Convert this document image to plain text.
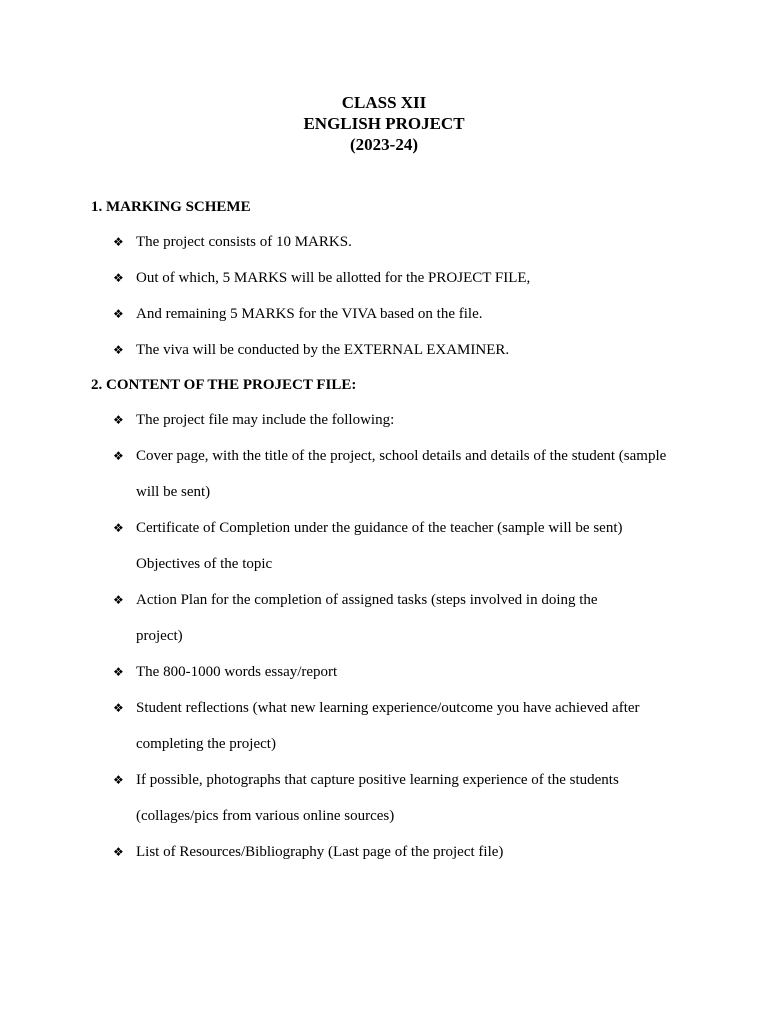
CLASS XII
ENGLISH PROJECT
(2023-24)
1. MARKING SCHEME
❖ The project consists of 10 MARKS.
❖ Out of which, 5 MARKS will be allotted for the PROJECT FILE,
❖ And remaining 5 MARKS for the VIVA based on the file.
❖ The viva will be conducted by the EXTERNAL EXAMINER.
2. CONTENT OF THE PROJECT FILE:
❖ The project file may include the following:
❖ Cover page, with the title of the project, school details and details of the student (sample
will be sent)
❖ Certificate of Completion under the guidance of the teacher (sample will be sent)
Objectives of the topic
❖ Action Plan for the completion of assigned tasks (steps involved in doing the
project)
❖ The 800-1000 words essay/report
❖ Student reflections (what new learning experience/outcome you have achieved after
completing the project)
❖ If possible, photographs that capture positive learning experience of the students
(collages/pics from various online sources)
❖ List of Resources/Bibliography (Last page of the project file)
